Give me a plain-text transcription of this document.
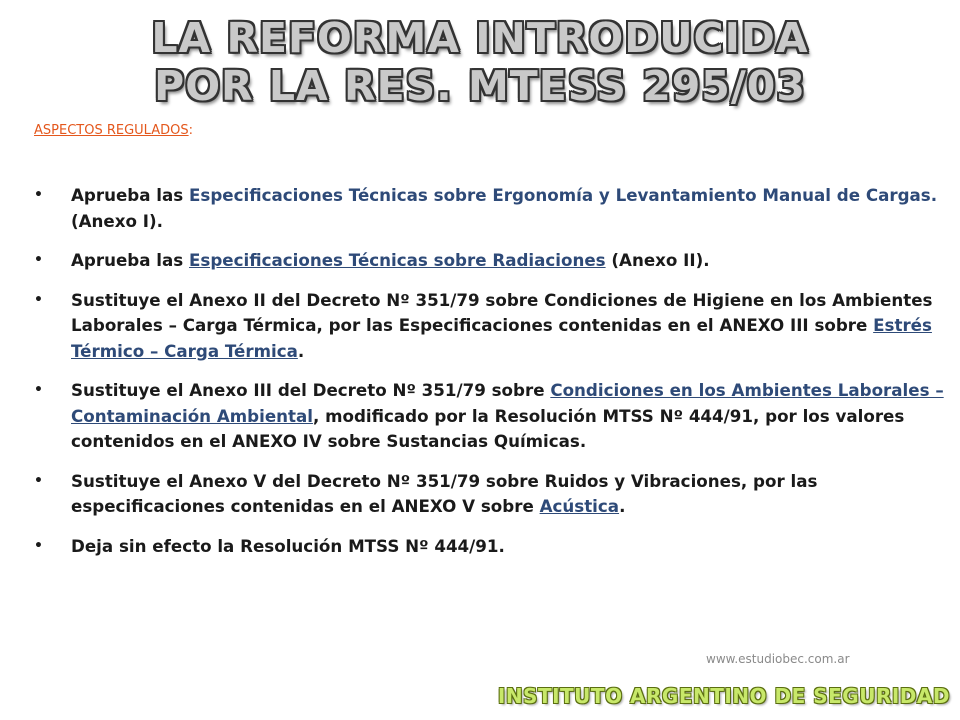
LA REFORMA INTRODUCIDA
POR LA RES. MTESS 295/03
ASPECTOS REGULADOS:
• Aprueba las Especificaciones Técnicas sobre Ergonomía y Levantamiento Manual de Cargas. (Anexo I).
• Aprueba las Especificaciones Técnicas sobre Radiaciones (Anexo II).
• Sustituye el Anexo II del Decreto Nº 351/79 sobre Condiciones de Higiene en los Ambientes Laborales – Carga Térmica, por las Especificaciones contenidas en el ANEXO III sobre Estrés Térmico – Carga Térmica.
• Sustituye el Anexo III del Decreto Nº 351/79 sobre Condiciones en los Ambientes Laborales – Contaminación Ambiental, modificado por la Resolución MTSS Nº 444/91, por los valores contenidos en el ANEXO IV sobre Sustancias Químicas.
• Sustituye el Anexo V del Decreto Nº 351/79 sobre Ruidos y Vibraciones, por las especificaciones contenidas en el ANEXO V sobre Acústica.
• Deja sin efecto la Resolución MTSS Nº 444/91.
www.estudiobec.com.ar
INSTITUTO ARGENTINO DE SEGURIDAD
